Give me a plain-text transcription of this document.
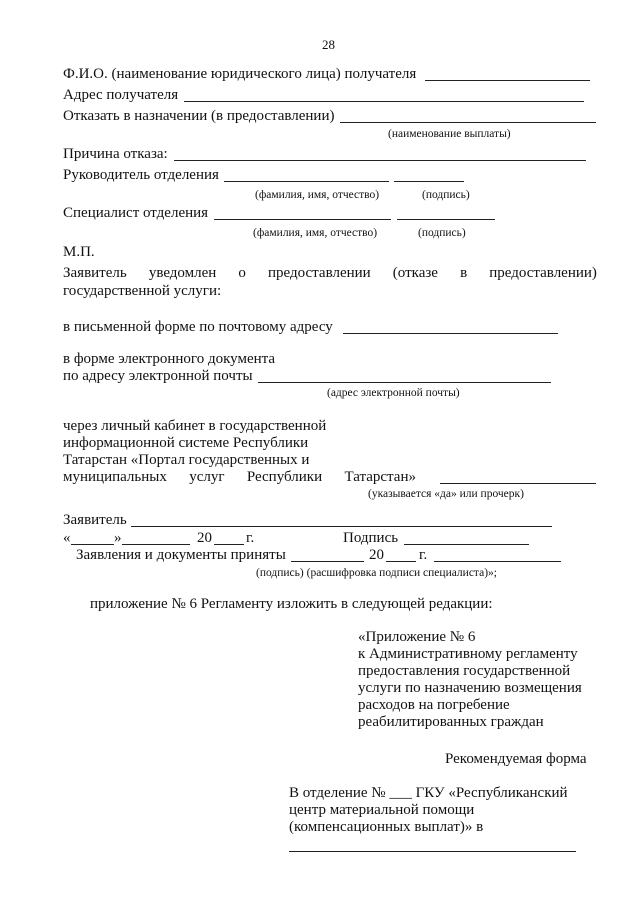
28
Ф.И.О. (наименование юридического лица) получателя
Адрес получателя
Отказать в назначении (в предоставлении)
(наименование выплаты)
Причина отказа:
Руководитель отделения
(фамилия, имя, отчество)	(подпись)
Специалист отделения
(фамилия, имя, отчество)	(подпись)
М.П.
Заявитель уведомлен о предоставлении (отказе в предоставлении)
государственной услуги:
в письменной форме по почтовому адресу
в форме электронного документа
по адресу электронной почты
(адрес электронной почты)
через личный кабинет в государственной
информационной системе Республики
Татарстан «Портал государственных и
муниципальных услуг Республики Татарстан»
(указывается «да» или прочерк)
Заявитель
«	»	20 г.	Подпись
Заявления и документы приняты	20 г.
(подпись) (расшифровка подписи специалиста)»;
приложение № 6 Регламенту изложить в следующей редакции:
«Приложение № 6
к Административному регламенту
предоставления государственной
услуги по назначению возмещения
расходов на погребение
реабилитированных граждан
Рекомендуемая форма
В отделение № ___ ГКУ «Республиканский
центр материальной помощи
(компенсационных выплат)» в
